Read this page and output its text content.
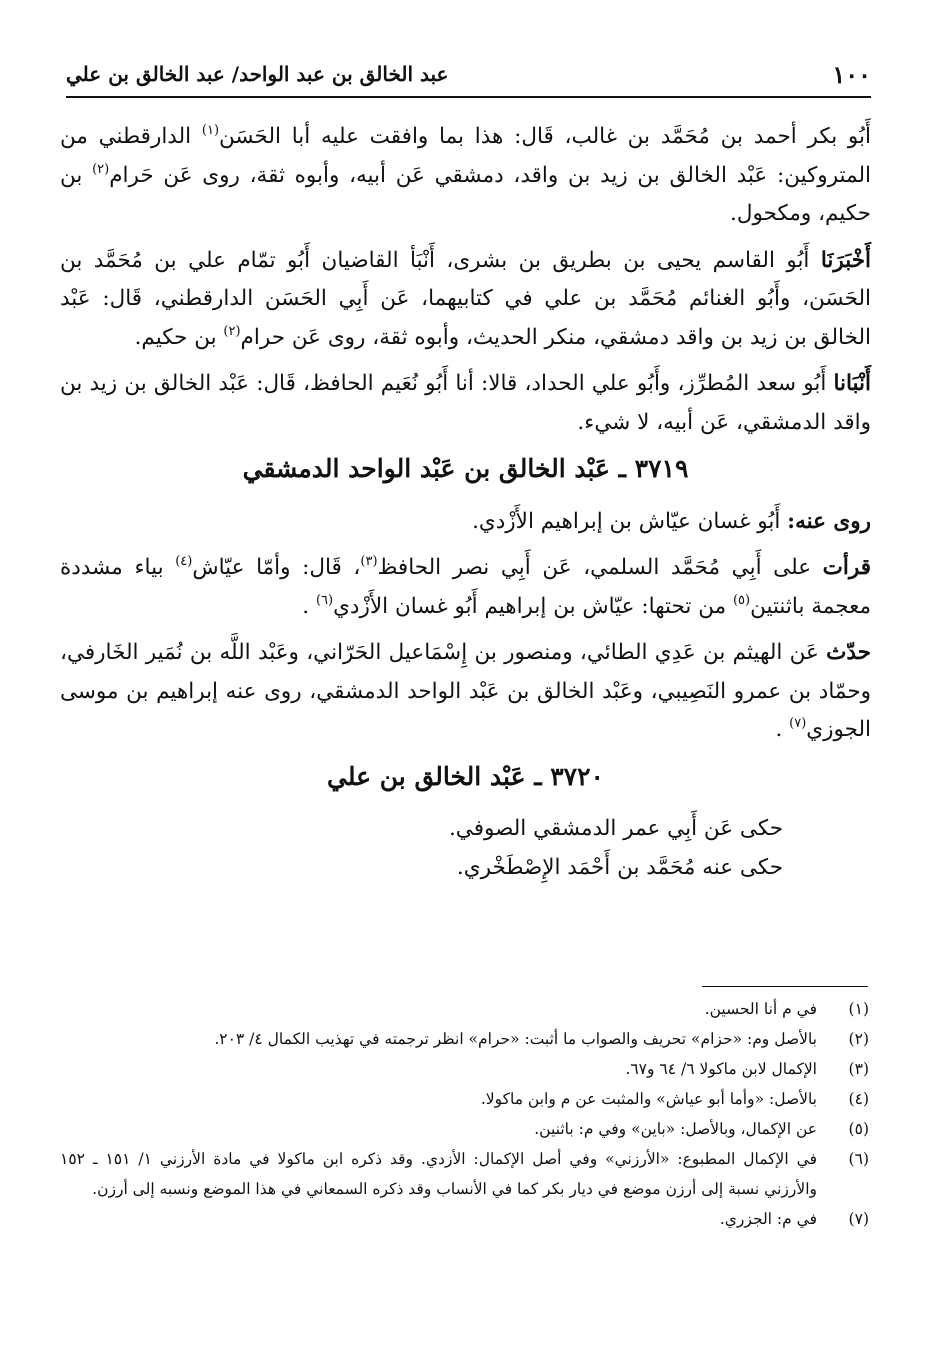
١٠٠
عبد الخالق بن عبد الواحد/ عبد الخالق بن علي

أَبُو بكر أحمد بن مُحَمَّد بن غالب، قَال: هذا بما وافقت عليه أبا الحَسَن$^{(١)}$ الدارقطني من المتروكين: عَبْد الخالق بن زيد بن واقد، دمشقي عَن أبيه، وأبوه ثقة، روى عَن حَرام$^{(٢)}$ بن حكيم، ومكحول.

أَخْبَرَنَا أَبُو القاسم يحيى بن بطريق بن بشرى، أَنْبَأ القاضيان أَبُو تمّام علي بن مُحَمَّد بن الحَسَن، وأَبُو الغنائم مُحَمَّد بن علي في كتابيهما، عَن أَبِي الحَسَن الدارقطني، قَال: عَبْد الخالق بن زيد بن واقد دمشقي، منكر الحديث، وأبوه ثقة، روى عَن حرام$^{(٢)}$ بن حكيم.

أَنْبَانا أَبُو سعد المُطرِّز، وأَبُو علي الحداد، قالا: أنا أَبُو نُعَيم الحافظ، قَال: عَبْد الخالق بن زيد بن واقد الدمشقي، عَن أبيه، لا شيء.

٣٧١٩ ـ عَبْد الخالق بن عَبْد الواحد الدمشقي

روى عنه: أَبُو غسان عيّاش بن إبراهيم الأَزْدي.

قرأت على أَبِي مُحَمَّد السلمي، عَن أَبِي نصر الحافظ$^{(٣)}$، قَال: وأمّا عيّاش$^{(٤)}$ بياء مشددة معجمة باثنتين$^{(٥)}$ من تحتها: عيّاش بن إبراهيم أَبُو غسان الأَزْدي$^{(٦)}$ .

حدّث عَن الهيثم بن عَدِي الطائي، ومنصور بن إِسْمَاعيل الحَرّاني، وعَبْد اللَّه بن نُمَير الخَارفي، وحمّاد بن عمرو النَصِيبي، وعَبْد الخالق بن عَبْد الواحد الدمشقي، روى عنه إبراهيم بن موسى الجوزي$^{(٧)}$ .

٣٧٢٠ ـ عَبْد الخالق بن علي

حكى عَن أَبِي عمر الدمشقي الصوفي.

حكى عنه مُحَمَّد بن أَحْمَد الإِصْطَخْري.

(١)
في م أنا الحسين.
(٢)
بالأصل وم: «حزام» تحريف والصواب ما أثبت: «حرام» انظر ترجمته في تهذيب الكمال ٤/ ٢٠٣.
(٣)
الإكمال لابن ماكولا ٦/ ٦٤ و٦٧.
(٤)
بالأصل: «وأما أبو عياش» والمثبت عن م وابن ماكولا.
(٥)
عن الإكمال، وبالأصل: «باين» وفي م: باثنين.
(٦)
في الإكمال المطبوع: «الأرزني» وفي أصل الإكمال: الأزدي. وقد ذكره ابن ماكولا في مادة الأرزني ١/ ١٥١ ـ ١٥٢ والأرزني نسبة إلى أرزن موضع في ديار بكر كما في الأنساب وقد ذكره السمعاني في هذا الموضع ونسبه إلى أرزن.
(٧)
في م: الجزري.
